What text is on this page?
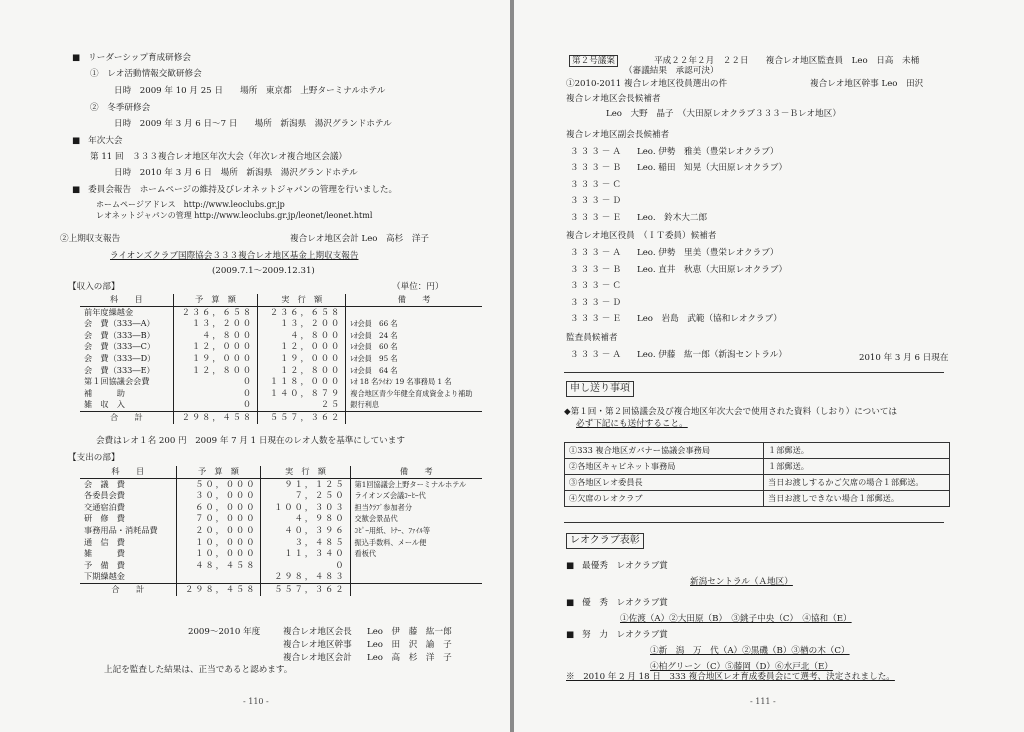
■ リーダーシップ育成研修会
①　レオ活動情報交歓研修会
日時　2009 年 10 月 25 日　　場所　東京都　上野ターミナルホテル
②　冬季研修会
日時　2009 年 3 月 6 日～7 日　　場所　新潟県　湯沢グランドホテル
■ 年次大会
第 11 回　３３３複合レオ地区年次大会（年次レオ複合地区会議）
日時　2010 年 3 月 6 日　場所　新潟県　湯沢グランドホテル
■ 委員会報告　ホームページの維持及びレオネットジャパンの管理を行いました。
ホームページアドレス　http://www.leoclubs.gr.jp
レオネットジャパンの管理 http://www.leoclubs.gr.jp/leonet/leonet.html
②上期収支報告	複合レオ地区会計 Leo　高杉　洋子
ライオンズクラブ国際協会３３３複合レオ地区基金上期収支報告
(2009.7.1～2009.12.31)
【収入の部】	（単位：円）
科　　目	予　算　額	実　行　額	備　　考
前年度繰越金	２３６，６５８	２３６，６５８	
会　費（333―A）	１３，２００	１３，２００	ﾚｵ会員　66 名
会　費（333―B）	４，８００	４，８００	ﾚｵ会員　24 名
会　費（333―C）	１２，０００	１２，０００	ﾚｵ会員　60 名
会　費（333―D）	１９，０００	１９，０００	ﾚｵ会員　95 名
会　費（333―E）	１２，８００	１２，８００	ﾚｵ会員　64 名
第１回協議会会費	０	１１８，０００	ﾚｵ 18 名ﾗｲｵﾝ 19 名事務局 1 名
補　　　助	０	１４０，８７９	複合地区青少年健全育成資金より補助
雑　収　入	０	２５	銀行利息
合　　計	２９８，４５８	５５７，３６２	
会費はレオ１名 200 円　2009 年 7 月 1 日現在のレオ人数を基準にしています
【支出の部】
科　　目	予　算　額	実　行　額	備　　考
会　議　費	５０，０００	９１，１２５	第1回協議会上野ターミナルホテル
各委員会費	３０，０００	７，２５０	ライオンズ会議ｺｰﾋｰ代
交通宿泊費	６０，０００	１００，３０３	担当ｸﾗﾌﾞ参加者分
研　修　費	７０，０００	４，９８０	交歓会景品代
事務用品・消耗品費	２０，０００	４０，３９６	ｺﾋﾟｰ用紙、ﾄﾅｰ、ﾌｧｲﾙ等
通　信　費	１０，０００	３，４８５	振込手数料、メール便
雑　　　費	１０，０００	１１，３４０	看板代
予　備　費	４８，４５８	０	
下期繰越金		２９８，４８３	
合　　計	２９８，４５８	５５７，３６２	
2009～2010 年度	複合レオ地区会長 Leo　伊　藤　紘一郎
複合レオ地区幹事 Leo　田　沢　諭　子
複合レオ地区会計 Leo　高　杉　洋　子
上記を監査した結果は、正当であると認めます。
- 110 -
平成２２年２月　２２日　　複合レオ地区監査員　Leo　日高　未桶
第２号議案
（審議結果　承認可決）
①2010-2011 複合レオ地区役員選出の件	複合レオ地区幹事 Leo　田沢
複合レオ地区会長候補者
Leo　大野　晶子　（大田原レオクラブ３３３－Ｂレオ地区）
複合レオ地区副会長候補者
３３３－Ａ Leo. 伊勢　雅美（豊栄レオクラブ）
３３３－Ｂ Leo. 稲田　知晃（大田原レオクラブ）
３３３－Ｃ
３３３－Ｄ
３３３－Ｅ Leo.　鈴木大二郎
複合レオ地区役員　（ＩＴ委員）候補者
３３３－Ａ Leo. 伊勢　里美（豊栄レオクラブ）
３３３－Ｂ Leo. 直井　秋恵（大田原レオクラブ）
３３３－Ｃ
３３３－Ｄ
３３３－Ｅ Leo　岩島　武範（協和レオクラブ）
監査員候補者
３３３－Ａ Leo. 伊藤　紘一郎（新潟セントラル）	2010 年 3 月 6 日現在
申し送り事項
◆第１回・第２回協議会及び複合地区年次大会で使用された資料（しおり）については
必ず下記にも送付すること。
①333 複合地区ガバナー協議会事務局	１部郵送。
②各地区キャビネット事務局	１部郵送。
③各地区レオ委員長	当日お渡しするかご欠席の場合１部郵送。
④欠席のレオクラブ	当日お渡しできない場合１部郵送。
レオクラブ表彰
■ 最優秀　レオクラブ賞
新潟セントラル（Ａ地区）
■ 優　秀　レオクラブ賞
①佐渡（A）②大田原（B）　③銚子中央（C）　④協和（E）
■ 努　力　レオクラブ賞
①新　潟　万　代（A）②黒磯（B）③楢の木（C）
④柏グリーン（C）⑤藤岡（D）⑥水戸北（E）
※　2010 年 2 月 18 日　333 複合地区レオ育成委員会にて選考、決定されました。
- 111 -
